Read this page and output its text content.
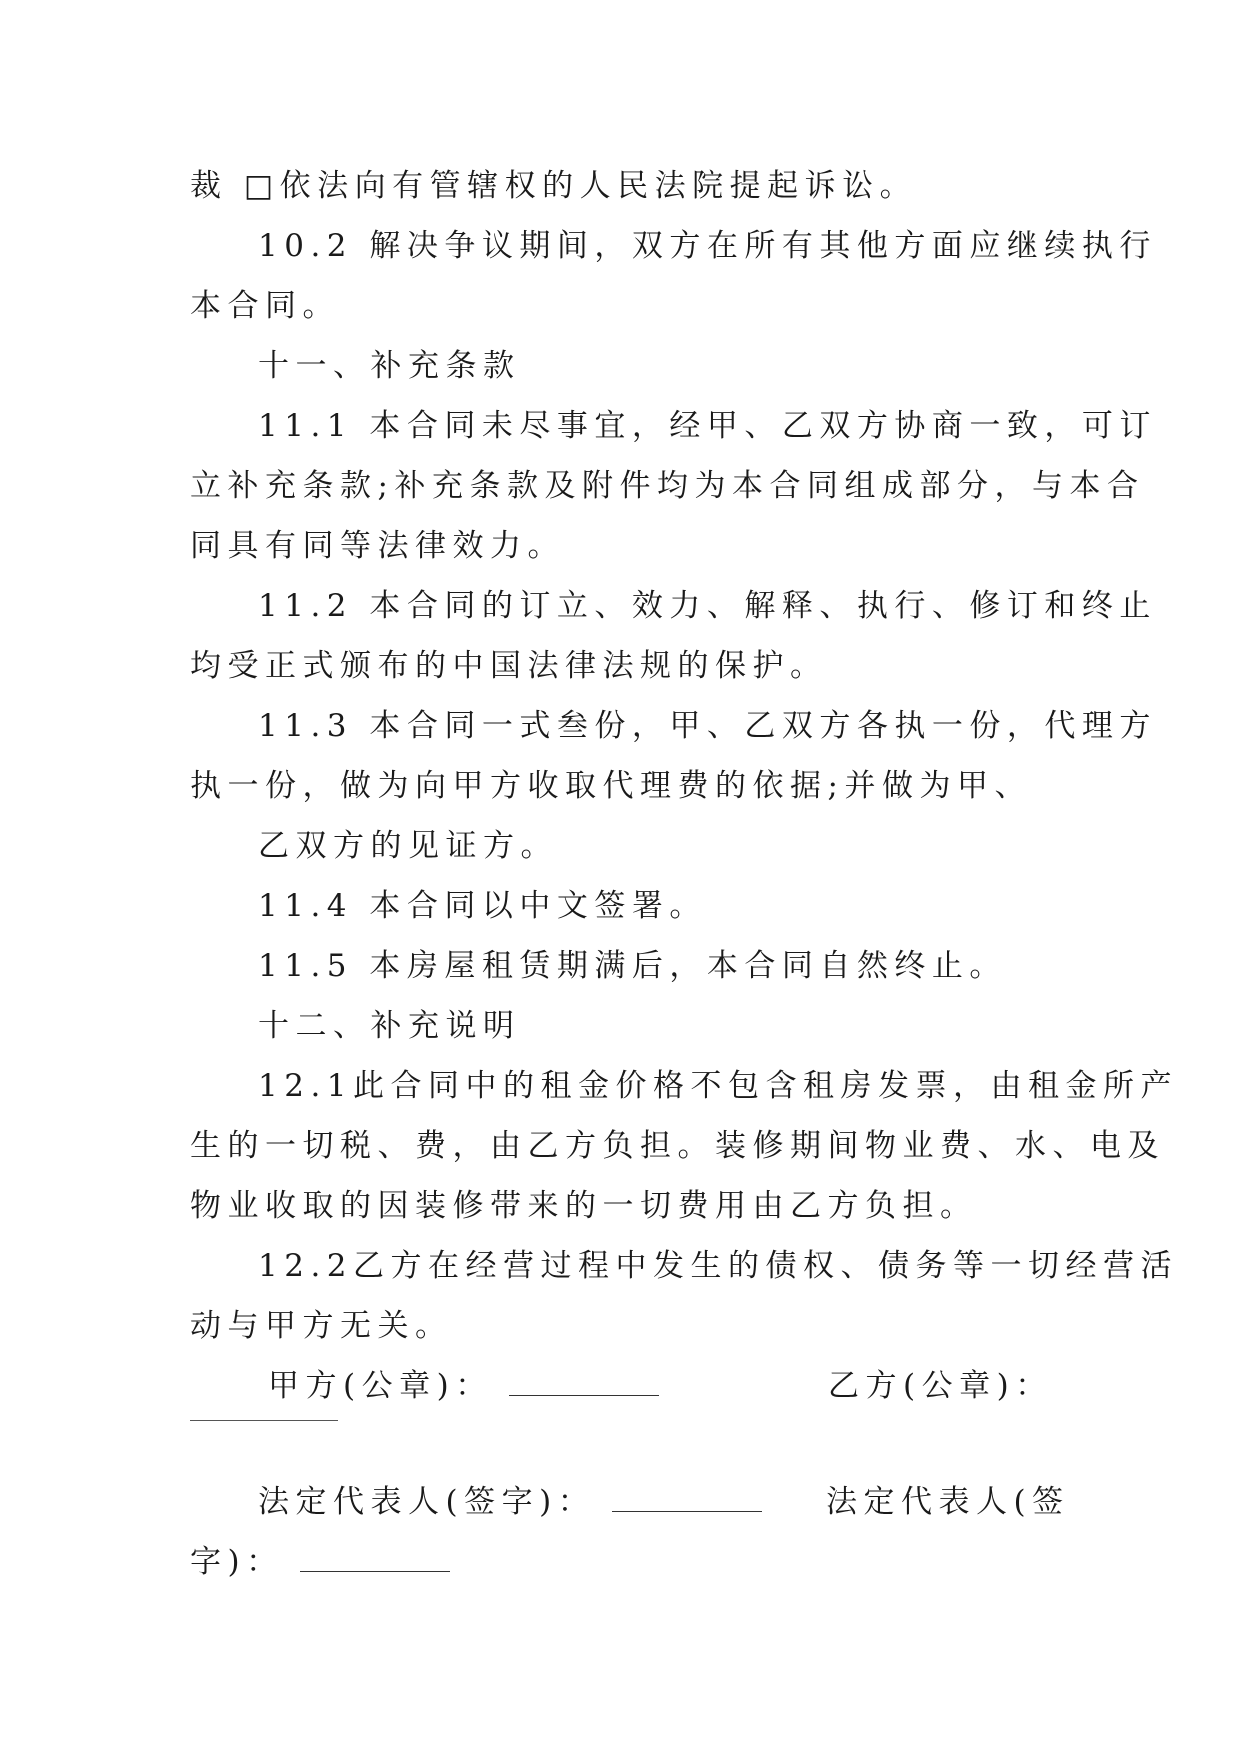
裁 □依法向有管辖权的人民法院提起诉讼。
10.2 解决争议期间，双方在所有其他方面应继续执行
本合同。
十一、补充条款
11.1 本合同未尽事宜，经甲、乙双方协商一致，可订
立补充条款;补充条款及附件均为本合同组成部分，与本合
同具有同等法律效力。
11.2 本合同的订立、效力、解释、执行、修订和终止
均受正式颁布的中国法律法规的保护。
11.3 本合同一式叁份，甲、乙双方各执一份，代理方
执一份，做为向甲方收取代理费的依据;并做为甲、
乙双方的见证方。
11.4 本合同以中文签署。
11.5 本房屋租赁期满后，本合同自然终止。
十二、补充说明
12.1此合同中的租金价格不包含租房发票，由租金所产
生的一切税、费，由乙方负担。装修期间物业费、水、电及
物业收取的因装修带来的一切费用由乙方负担。
12.2乙方在经营过程中发生的债权、债务等一切经营活
动与甲方无关。
甲方(公章)：	乙方(公章)：
法定代表人(签字)：	法定代表人(签
字)：
